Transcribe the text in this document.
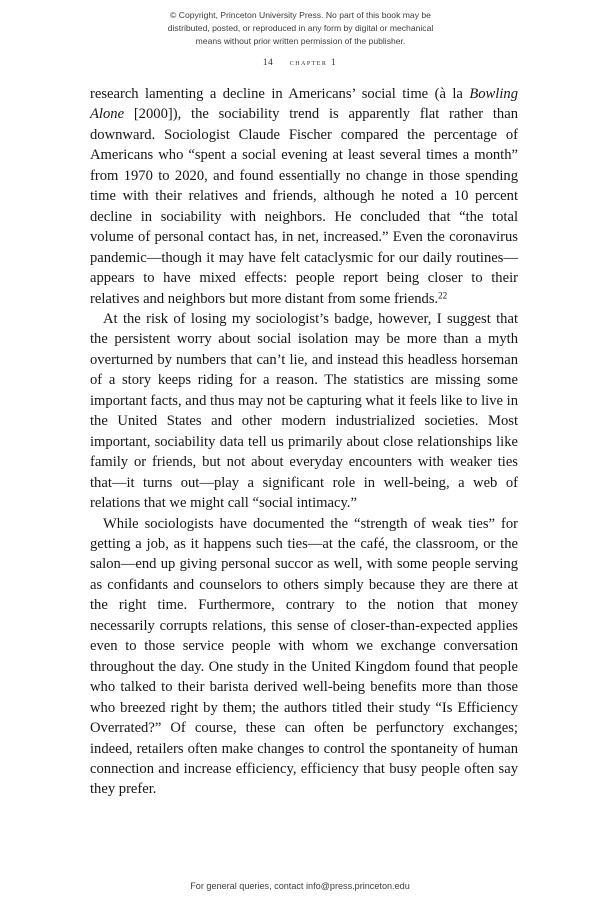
© Copyright, Princeton University Press. No part of this book may be
distributed, posted, or reproduced in any form by digital or mechanical
means without prior written permission of the publisher.
14 chapter 1

research lamenting a decline in Americans’ social time (à la Bowling Alone [2000]), the sociability trend is apparently flat rather than downward. Sociologist Claude Fischer compared the percentage of Americans who “spent a social evening at least several times a month” from 1970 to 2020, and found essentially no change in those spending time with their relatives and friends, although he noted a 10 percent decline in sociability with neighbors. He concluded that “the total volume of personal contact has, in net, increased.” Even the coronavirus pandemic—though it may have felt cataclysmic for our daily routines—appears to have mixed effects: people report being closer to their relatives and neighbors but more distant from some friends.$^{22}$

At the risk of losing my sociologist’s badge, however, I suggest that the persistent worry about social isolation may be more than a myth overturned by numbers that can’t lie, and instead this headless horseman of a story keeps riding for a reason. The statistics are missing some important facts, and thus may not be capturing what it feels like to live in the United States and other modern industrialized societies. Most important, sociability data tell us primarily about close relationships like family or friends, but not about everyday encounters with weaker ties that—it turns out—play a significant role in well-being, a web of relations that we might call “social intimacy.”

While sociologists have documented the “strength of weak ties” for getting a job, as it happens such ties—at the café, the classroom, or the salon—end up giving personal succor as well, with some people serving as confidants and counselors to others simply because they are there at the right time. Furthermore, contrary to the notion that money necessarily corrupts relations, this sense of closer-than-expected applies even to those service people with whom we exchange conversation throughout the day. One study in the United Kingdom found that people who talked to their barista derived well-being benefits more than those who breezed right by them; the authors titled their study “Is Efficiency Overrated?” Of course, these can often be perfunctory exchanges; indeed, retailers often make changes to control the spontaneity of human connection and increase efficiency, efficiency that busy people often say they prefer.

For general queries, contact info@press.princeton.edu
